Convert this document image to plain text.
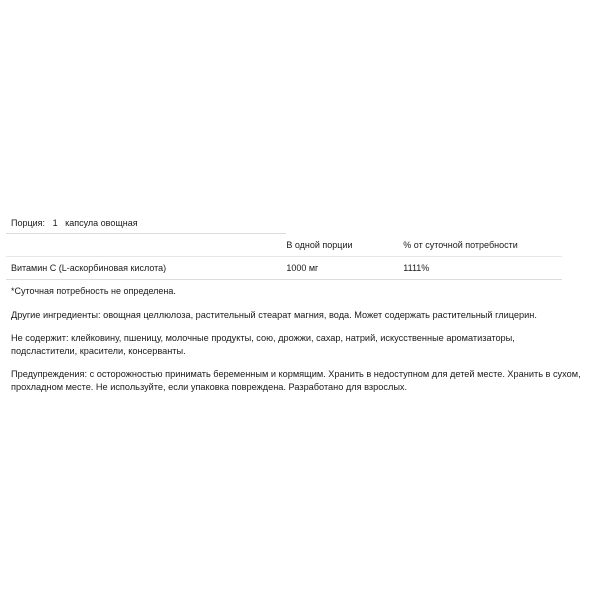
Порция: 1 капсула овощная		
	В одной порции	% от суточной потребности
Витамин C (L-аскорбиновая кислота)	1000 мг	1111%
*Суточная потребность не определена.		

Другие ингредиенты: овощная целлюлоза, растительный стеарат магния, вода. Может содержать растительный глицерин.

Не содержит: клейковину, пшеницу, молочные продукты, сою, дрожжи, сахар, натрий, искусственные ароматизаторы, подсластители, красители, консерванты.

Предупреждения: с осторожностью принимать беременным и кормящим. Хранить в недоступном для детей месте. Хранить в сухом, прохладном месте. Не используйте, если упаковка повреждена. Разработано для взрослых.
